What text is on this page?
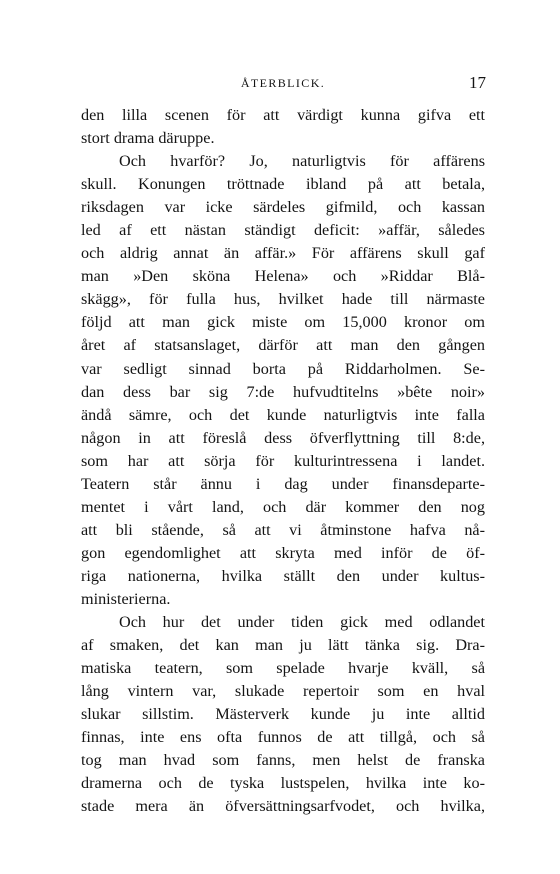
ÅTERBLICK.	17
den lilla scenen för att värdigt kunna gifva ett
stort drama däruppe.
Och hvarför? Jo, naturligtvis för affärens
skull. Konungen tröttnade ibland på att betala,
riksdagen var icke särdeles gifmild, och kassan
led af ett nästan ständigt deficit: »affär, således
och aldrig annat än affär.» För affärens skull gaf
man »Den sköna Helena» och »Riddar Blå-
skägg», för fulla hus, hvilket hade till närmaste
följd att man gick miste om 15,000 kronor om
året af statsanslaget, därför att man den gången
var sedligt sinnad borta på Riddarholmen. Se-
dan dess bar sig 7:de hufvudtitelns »bête noir»
ändå sämre, och det kunde naturligtvis inte falla
någon in att föreslå dess öfverflyttning till 8:de,
som har att sörja för kulturintressena i landet.
Teatern står ännu i dag under finansdeparte-
mentet i vårt land, och där kommer den nog
att bli stående, så att vi åtminstone hafva nå-
gon egendomlighet att skryta med inför de öf-
riga nationerna, hvilka ställt den under kultus-
ministerierna.
Och hur det under tiden gick med odlandet
af smaken, det kan man ju lätt tänka sig. Dra-
matiska teatern, som spelade hvarje kväll, så
lång vintern var, slukade repertoir som en hval
slukar sillstim. Mästerverk kunde ju inte alltid
finnas, inte ens ofta funnos de att tillgå, och så
tog man hvad som fanns, men helst de franska
dramerna och de tyska lustspelen, hvilka inte ko-
stade mera än öfversättningsarfvodet, och hvilka,
